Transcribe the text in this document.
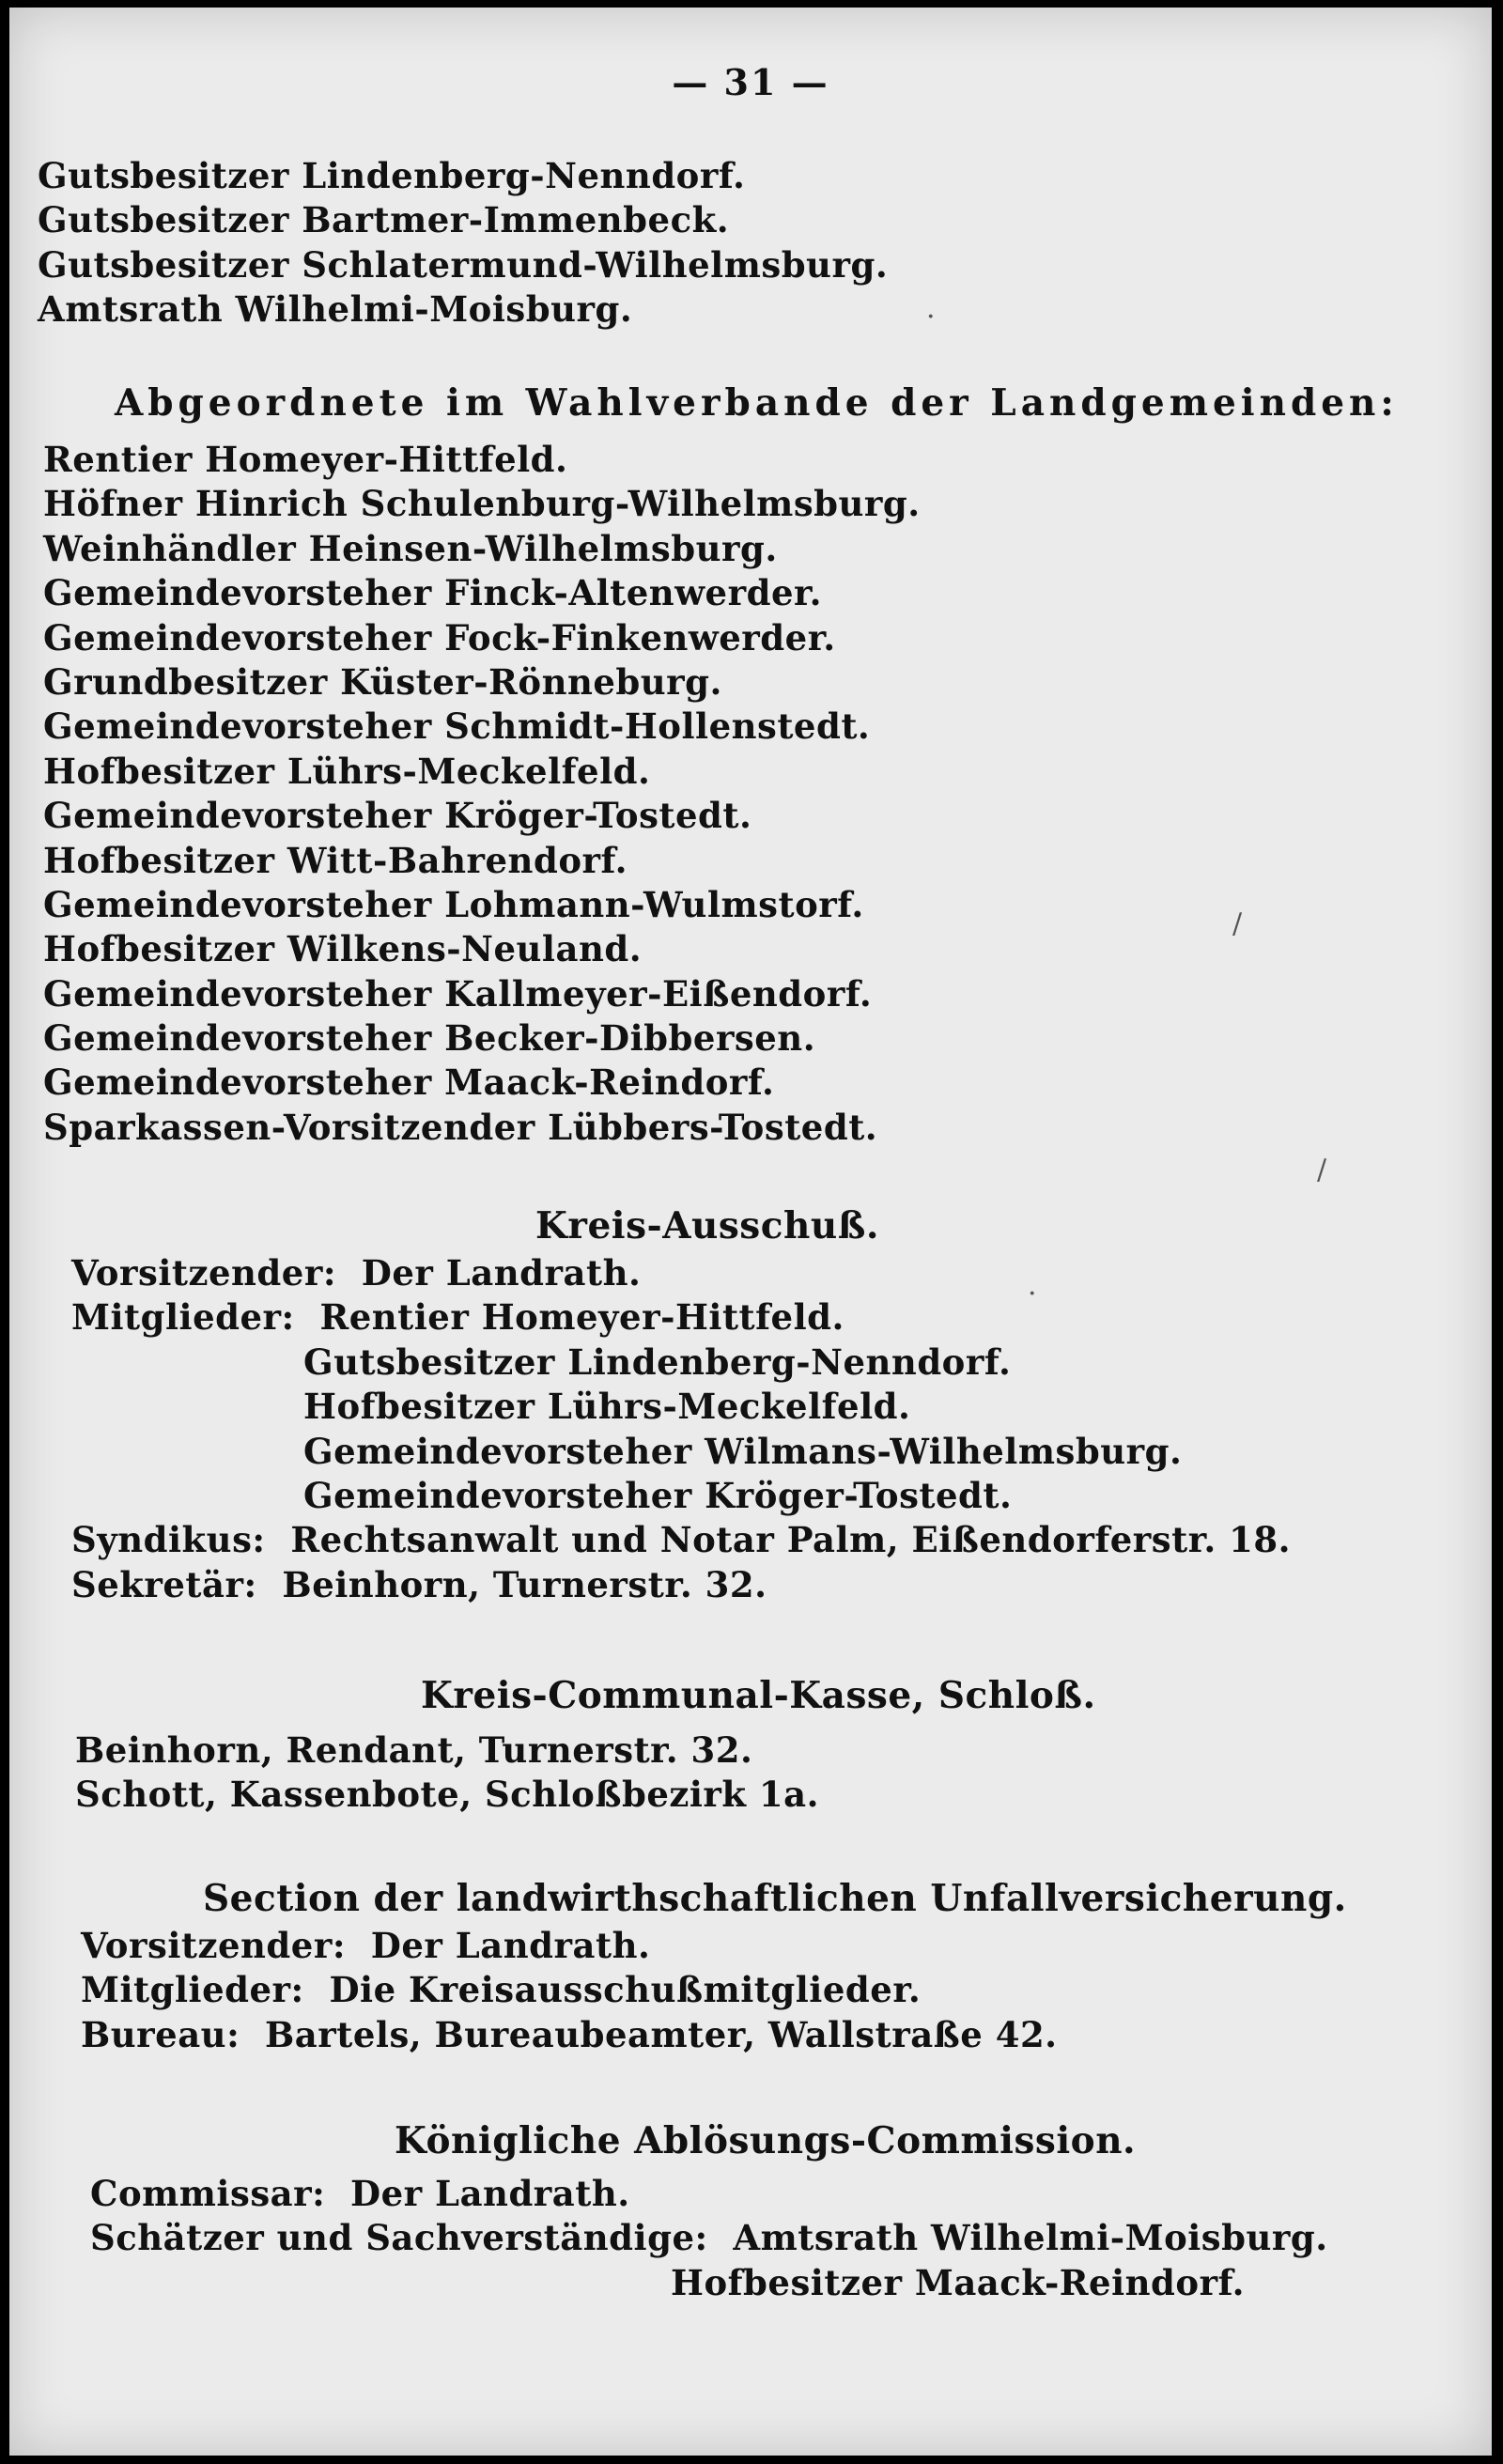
— 31 —
Gutsbesitzer Lindenberg-Nenndorf.
Gutsbesitzer Bartmer-Immenbeck.
Gutsbesitzer Schlatermund-Wilhelmsburg.
Amtsrath Wilhelmi-Moisburg.
Abgeordnete im Wahlverbande der Landgemeinden:
Rentier Homeyer-Hittfeld.
Höfner Hinrich Schulenburg-Wilhelmsburg.
Weinhändler Heinsen-Wilhelmsburg.
Gemeindevorsteher Finck-Altenwerder.
Gemeindevorsteher Fock-Finkenwerder.
Grundbesitzer Küster-Rönneburg.
Gemeindevorsteher Schmidt-Hollenstedt.
Hofbesitzer Lührs-Meckelfeld.
Gemeindevorsteher Kröger-Tostedt.
Hofbesitzer Witt-Bahrendorf.
Gemeindevorsteher Lohmann-Wulmstorf.
Hofbesitzer Wilkens-Neuland.
Gemeindevorsteher Kallmeyer-Eißendorf.
Gemeindevorsteher Becker-Dibbersen.
Gemeindevorsteher Maack-Reindorf.
Sparkassen-Vorsitzender Lübbers-Tostedt.
Kreis-Ausschuß.
Vorsitzender:  Der Landrath.
Mitglieder:  Rentier Homeyer-Hittfeld.
Gutsbesitzer Lindenberg-Nenndorf.
Hofbesitzer Lührs-Meckelfeld.
Gemeindevorsteher Wilmans-Wilhelmsburg.
Gemeindevorsteher Kröger-Tostedt.
Syndikus:  Rechtsanwalt und Notar Palm, Eißendorferstr. 18.
Sekretär:  Beinhorn, Turnerstr. 32.
Kreis-Communal-Kasse, Schloß.
Beinhorn, Rendant, Turnerstr. 32.
Schott, Kassenbote, Schloßbezirk 1a.
Section der landwirthschaftlichen Unfallversicherung.
Vorsitzender:  Der Landrath.
Mitglieder:  Die Kreisausschußmitglieder.
Bureau:  Bartels, Bureaubeamter, Wallstraße 42.
Königliche Ablösungs-Commission.
Commissar:  Der Landrath.
Schätzer und Sachverständige:  Amtsrath Wilhelmi-Moisburg.
Hofbesitzer Maack-Reindorf.
·
/
/
·
